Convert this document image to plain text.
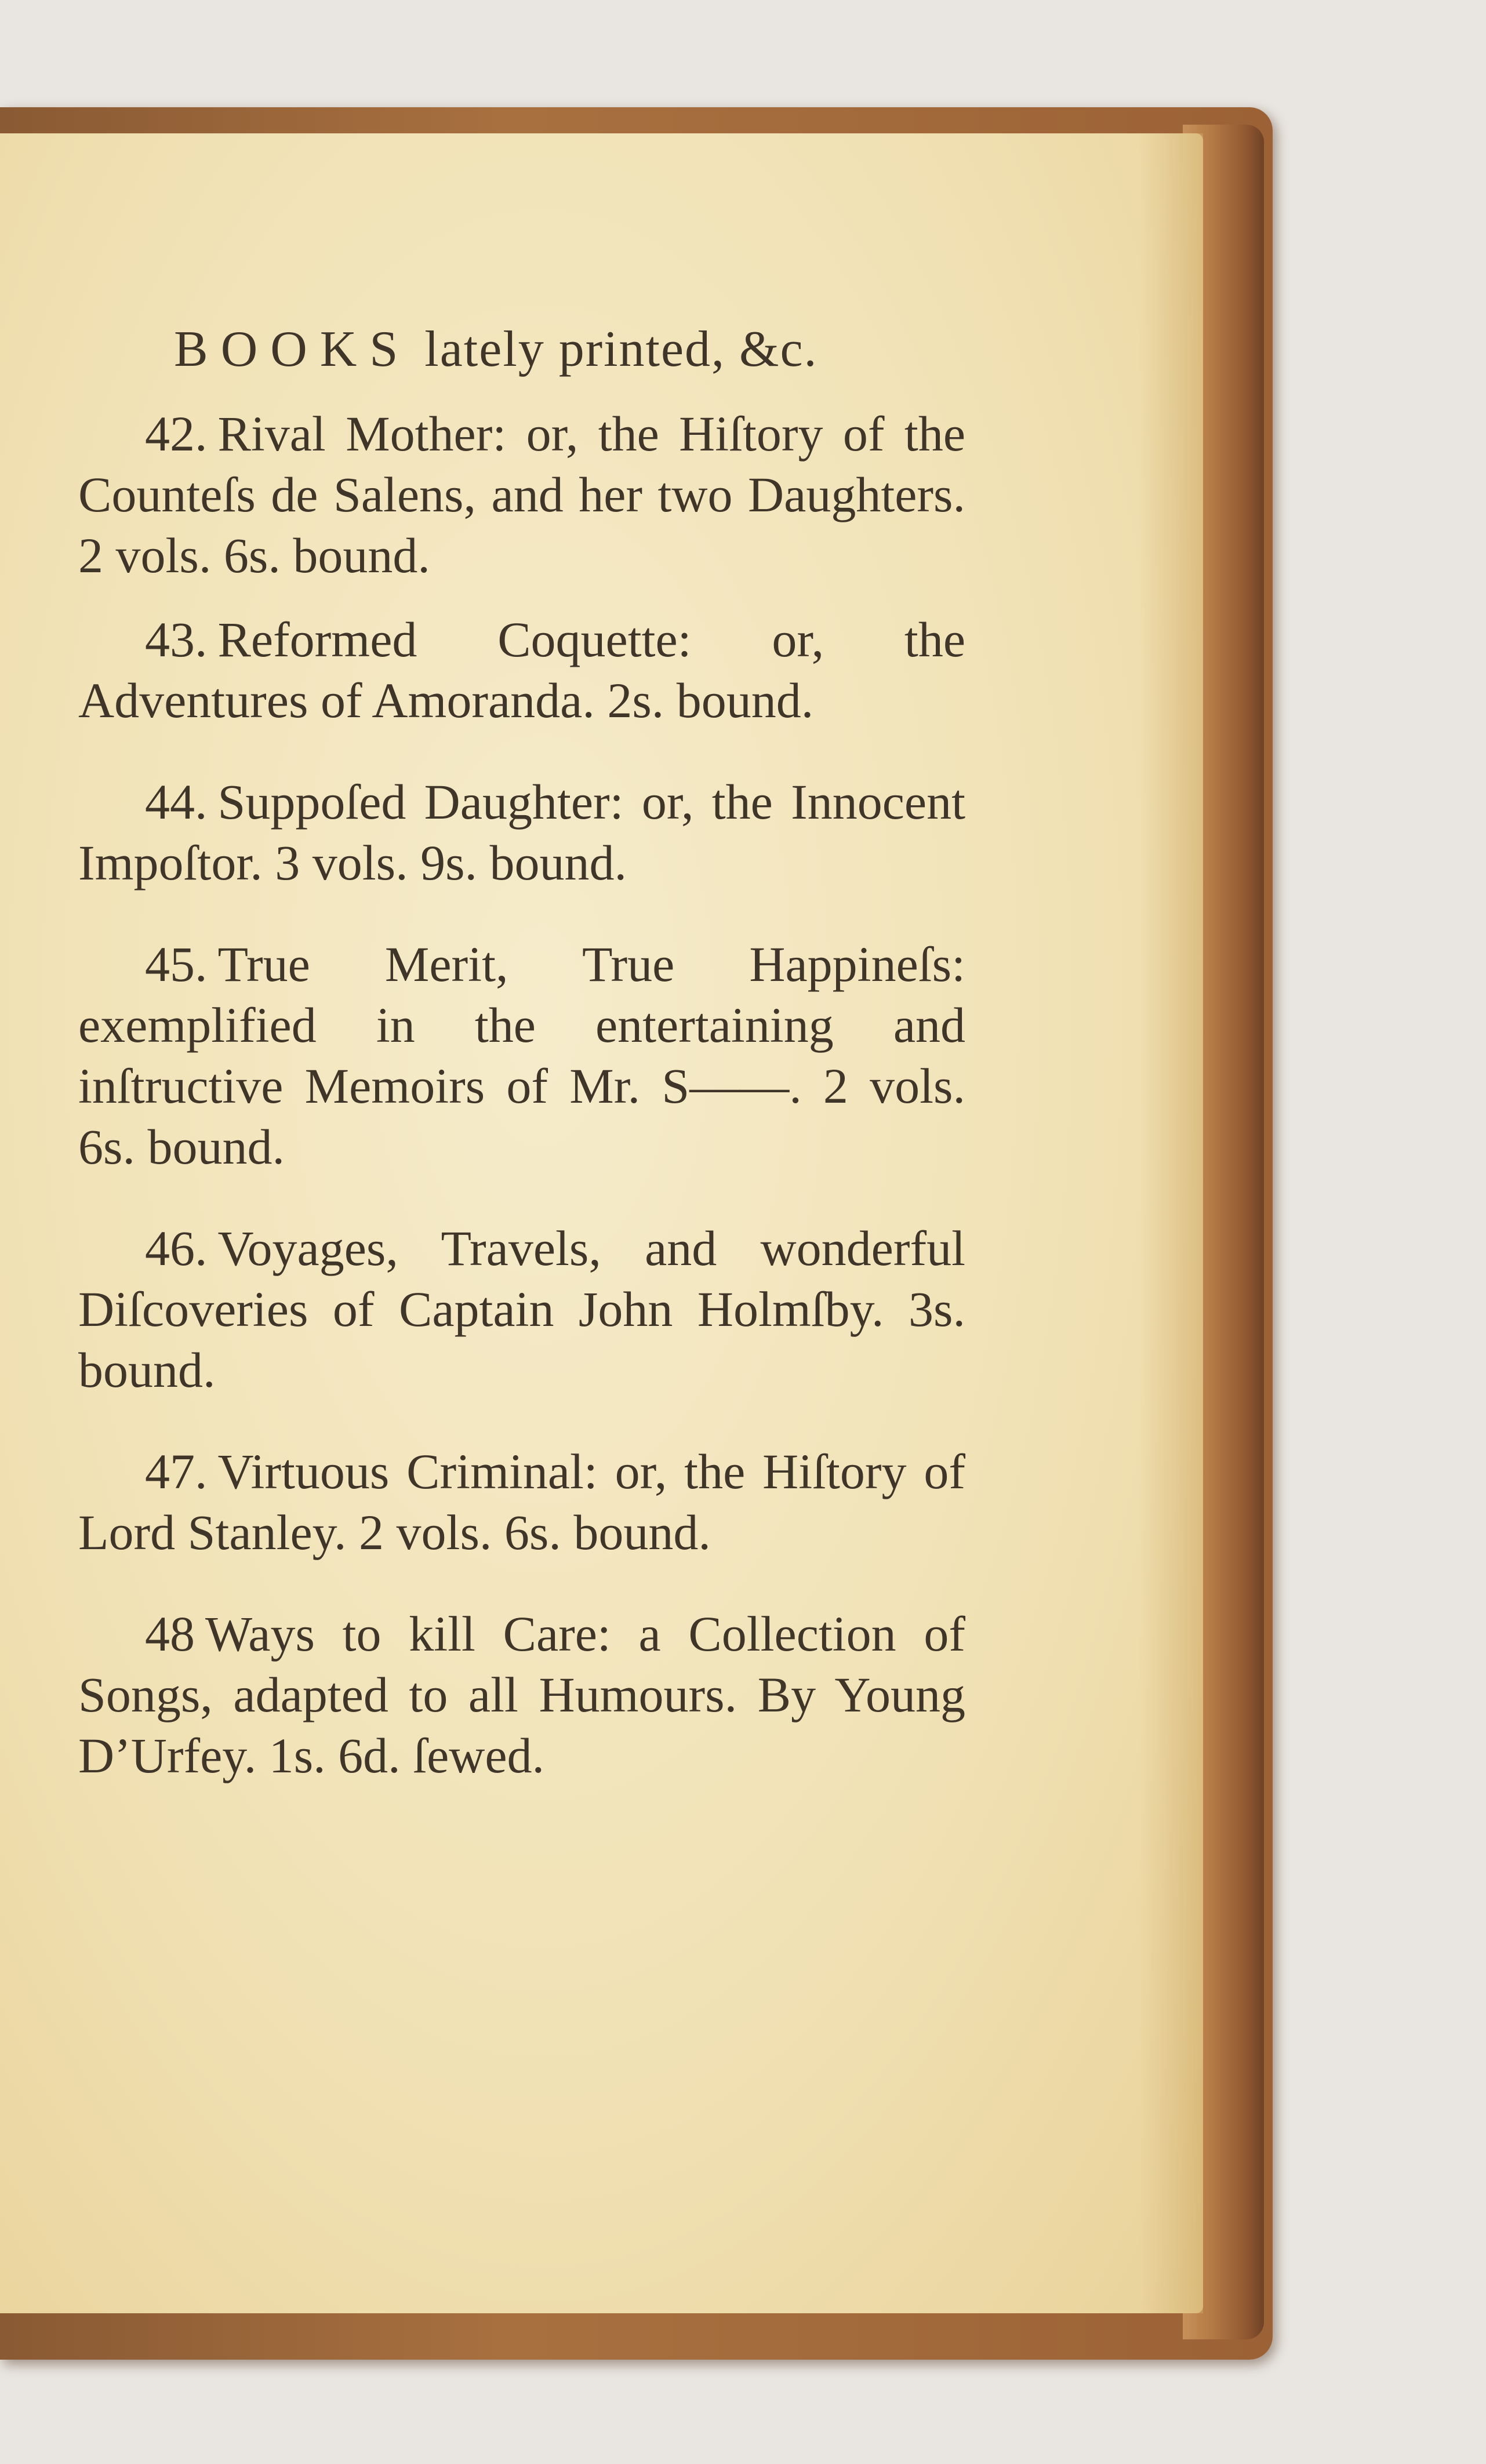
BOOKS lately printed, &c.

42. Rival Mother: or, the Hiſtory of the Counteſs de Salens, and her two Daughters. 2 vols. 6s. bound.

43. Reformed Coquette: or, the Adventures of Amoranda. 2s. bound.

44. Suppoſed Daughter: or, the Innocent Impoſtor. 3 vols. 9s. bound.

45. True Merit, True Happineſs: exemplified in the entertaining and inſtructive Memoirs of Mr. S——. 2 vols. 6s. bound.

46. Voyages, Travels, and wonderful Diſcoveries of Captain John Holmſby. 3s. bound.

47. Virtuous Criminal: or, the Hiſtory of Lord Stanley. 2 vols. 6s. bound.

48 Ways to kill Care: a Collection of Songs, adapted to all Humours. By Young D’Urfey. 1s. 6d. ſewed.
